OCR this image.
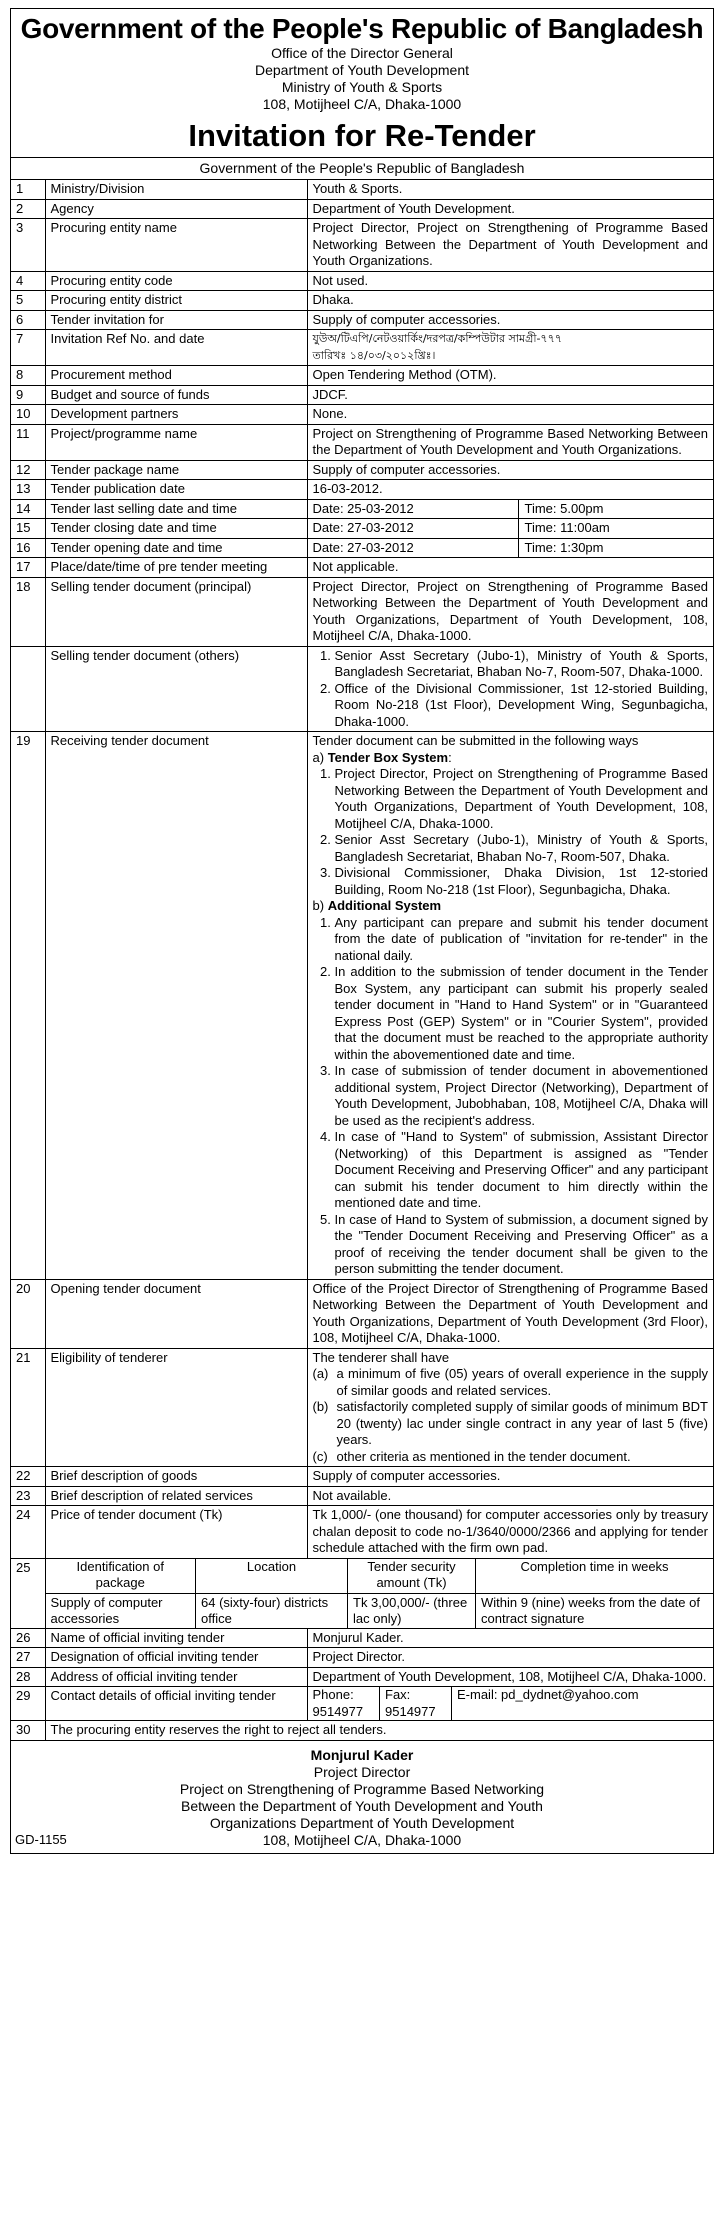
Government of the People's Republic of Bangladesh
Office of the Director General
Department of Youth Development
Ministry of Youth & Sports
108, Motijheel C/A, Dhaka-1000
Invitation for Re-Tender
Government of the People's Republic of Bangladesh
1	Ministry/Division	Youth & Sports.
2	Agency	Department of Youth Development.
3	Procuring entity name	Project Director, Project on Strengthening of Programme Based Networking Between the Department of Youth Development and Youth Organizations.
4	Procuring entity code	Not used.
5	Procuring entity district	Dhaka.
6	Tender invitation for	Supply of computer accessories.
7	Invitation Ref No. and date	যুউঅ/টিএপি/নেটওয়ার্কিং/দরপত্র/কম্পিউটার সামগ্রী-৭৭৭
তারিখঃ ১৪/০৩/২০১২খ্রিঃ।

8	Procurement method	Open Tendering Method (OTM).
9	Budget and source of funds	JDCF.
10	Development partners	None.
11	Project/programme name	Project on Strengthening of Programme Based Networking Between the Department of Youth Development and Youth Organizations.
12	Tender package name	Supply of computer accessories.
13	Tender publication date	16-03-2012.
14	Tender last selling date and time	Date: 25-03-2012	Time: 5.00pm

15	Tender closing date and time	Date: 27-03-2012	Time: 11:00am

16	Tender opening date and time	Date: 27-03-2012	Time: 1:30pm

17	Place/date/time of pre tender meeting	Not applicable.
18	Selling tender document (principal)	Project Director, Project on Strengthening of Programme Based Networking Between the Department of Youth Development and Youth Organizations, Department of Youth Development, 108, Motijheel C/A, Dhaka-1000.
	Selling tender document (others)	
1.Senior Asst Secretary (Jubo-1), Ministry of Youth & Sports, Bangladesh Secretariat, Bhaban No-7, Room-507, Dhaka-1000.
2. Office of the Divisional Commissioner, 1st 12-storied Building, Room No-218 (1st Floor), Development Wing, Segunbagicha, Dhaka-1000.

19	Receiving tender document	Tender document can be submitted in the following ways
a) Tender Box System:
1. Project Director, Project on Strengthening of Programme Based Networking Between the Department of Youth Development and Youth Organizations, Department of Youth Development, 108, Motijheel C/A, Dhaka-1000.
2. Senior Asst Secretary (Jubo-1), Ministry of Youth & Sports, Bangladesh Secretariat, Bhaban No-7, Room-507, Dhaka.
3. Divisional Commissioner, Dhaka Division, 1st 12-storied Building, Room No-218 (1st Floor), Segunbagicha, Dhaka.
b) Additional System
1. Any participant can prepare and submit his tender document from the date of publication of "invitation for re-tender" in the national daily.
2. In addition to the submission of tender document in the Tender Box System, any participant can submit his properly sealed tender document in "Hand to Hand System" or in "Guaranteed Express Post (GEP) System" or in "Courier System", provided that the document must be reached to the appropriate authority within the abovementioned date and time.
3. In case of submission of tender document in abovementioned additional system, Project Director (Networking), Department of Youth Development, Jubobhaban, 108, Motijheel C/A, Dhaka will be used as the recipient's address.
4. In case of "Hand to System" of submission, Assistant Director (Networking) of this Department is assigned as "Tender Document Receiving and Preserving Officer" and any participant can submit his tender document to him directly within the mentioned date and time.
5. In case of Hand to System of submission, a document signed by the "Tender Document Receiving and Preserving Officer" as a proof of receiving the tender document shall be given to the person submitting the tender document.

20	Opening tender document	Office of the Project Director of Strengthening of Programme Based Networking Between the Department of Youth Development and Youth Organizations, Department of Youth Development (3rd Floor), 108, Motijheel C/A, Dhaka-1000.
21	Eligibility of tenderer	The tenderer shall have
(a) a minimum of five (05) years of overall experience in the supply of similar goods and related services.
(b) satisfactorily completed supply of similar goods of minimum BDT 20 (twenty) lac under single contract in any year of last 5 (five) years.
(c) other criteria as mentioned in the tender document.

22	Brief description of goods	Supply of computer accessories.
23	Brief description of related services	Not available.
24	Price of tender document (Tk)	Tk 1,000/- (one thousand) for computer accessories only by treasury chalan deposit to code no-1/3640/0000/2366 and applying for tender schedule attached with the firm own pad.
25		Identification of package	Location	Tender security amount (Tk)	Completion time in weeks
Supply of computer accessories	64 (sixty-four) districts office	Tk 3,00,000/- (three lac only)	Within 9 (nine) weeks from the date of contract signature

26	Name of official inviting tender	Monjurul Kader.
27	Designation of official inviting tender	Project Director.
28	Address of official inviting tender	Department of Youth Development, 108, Motijheel C/A, Dhaka-1000.
29	Contact details of official inviting tender		Phone: 9514977	Fax: 9514977	E-mail: pd_dydnet@yahoo.com

30	The procuring entity reserves the right to reject all tenders.
Monjurul Kader
Project Director
Project on Strengthening of Programme Based Networking
Between the Department of Youth Development and Youth
Organizations Department of Youth Development
108, Motijheel C/A, Dhaka-1000
GD-1155
